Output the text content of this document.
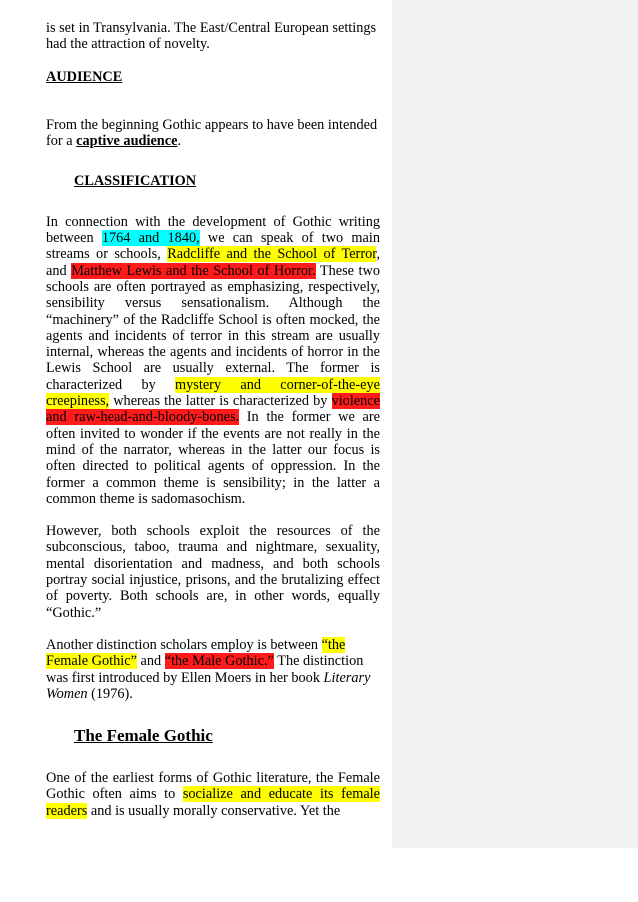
is set in Transylvania. The East/Central European settings had the attraction of novelty.

AUDIENCE

From the beginning Gothic appears to have been intended for a captive audience.

CLASSIFICATION

In connection with the development of Gothic writing between 1764 and 1840, we can speak of two main streams or schools, Radcliffe and the School of Terror, and Matthew Lewis and the School of Horror. These two schools are often portrayed as emphasizing, respectively, sensibility versus sensationalism. Although the “machinery” of the Radcliffe School is often mocked, the agents and incidents of terror in this stream are usually internal, whereas the agents and incidents of horror in the Lewis School are usually external. The former is characterized by mystery and corner-of-the-eye creepiness, whereas the latter is characterized by violence and raw-head-and-bloody-bones. In the former we are often invited to wonder if the events are not really in the mind of the narrator, whereas in the latter our focus is often directed to political agents of oppression. In the former a common theme is sensibility; in the latter a common theme is sadomasochism.

However, both schools exploit the resources of the subconscious, taboo, trauma and nightmare, sexuality, mental disorientation and madness, and both schools portray social injustice, prisons, and the brutalizing effect of poverty. Both schools are, in other words, equally “Gothic.”

Another distinction scholars employ is between “the Female Gothic” and “the Male Gothic.” The distinction was first introduced by Ellen Moers in her book Literary Women (1976).

The Female Gothic

One of the earliest forms of Gothic literature, the Female Gothic often aims to socialize and educate its female readers and is usually morally conservative. Yet the
